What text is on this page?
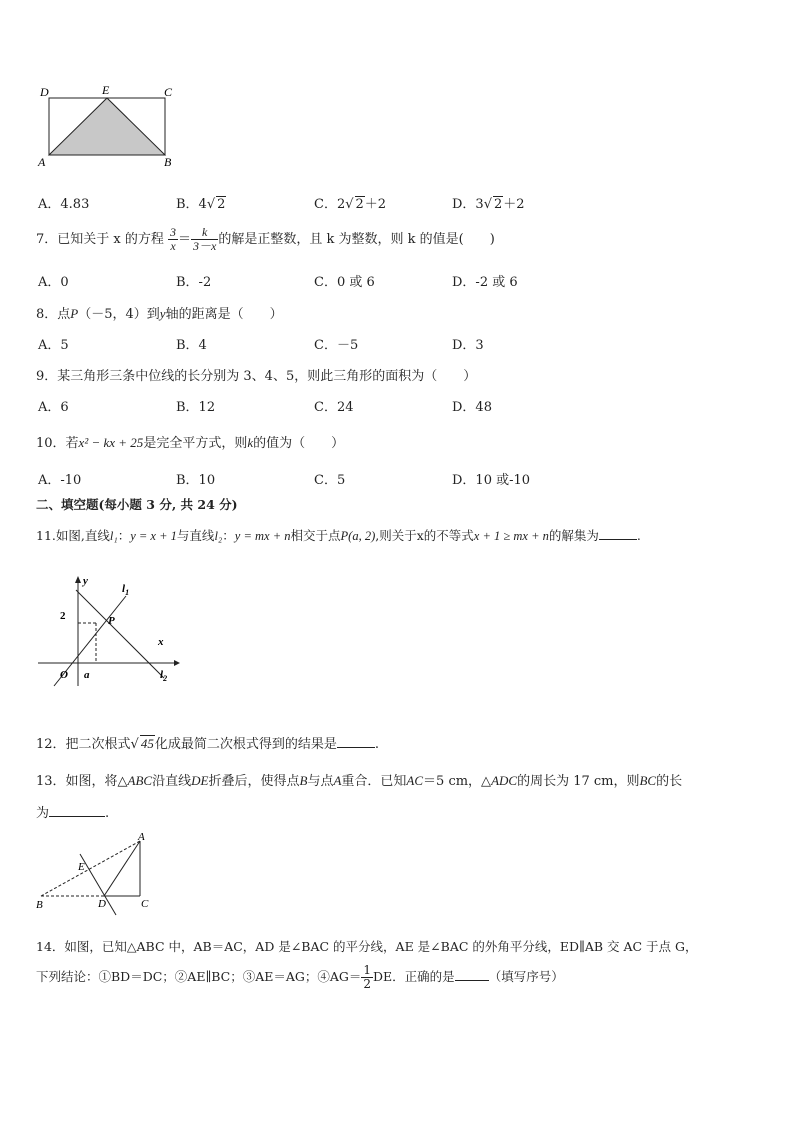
D	E	C
A	B
A．4.83	B．4√ 2	C．2√ 2＋2	D．3√ 2＋2
7．已知关于 x 的方程 $\frac{3}{x} = \frac{k}{3-x}$ 的解是正整数，且 k 为整数，则 k 的值是(　　)
A．0	B．-2	C．0 或 6	D．-2 或 6
8．点P（－5，4）到y轴的距离是（　　）
A．5	B．4	C．－5	D．3
9．某三角形三条中位线的长分别为 3、4、5，则此三角形的面积为（　　）
A．6	B．12	C．24	D．48
10．若x² − kx + 25是完全平方式，则k的值为（　　）
A．-10	B．10	C．5	D．10 或-10
二、填空题(每小题 3 分, 共 24 分)
11.如图,直线l₁：y = x + 1与直线l₂：y = mx + n相交于点P(a, 2),则关于x的不等式x + 1 ≥ mx + n的解集为	.
y
$l_1$
2	P
x
O a	$l_2$
12．把二次根式√ 45化成最简二次根式得到的结果是	.
13．如图，将△ABC沿直线DE折叠后，使得点B与点A重合．已知AC＝5 cm，△ADC的周长为 17 cm，则BC的长
为	.
A
E
B	D	C
14．如图，已知△ABC 中，AB＝AC，AD 是∠BAC 的平分线，AE 是∠BAC 的外角平分线，ED∥AB 交 AC 于点 G，
下列结论：①BD＝DC；②AE∥BC；③AE＝AG；④AG＝ $\frac{1}{2}$ DE．正确的是	（填写序号）
